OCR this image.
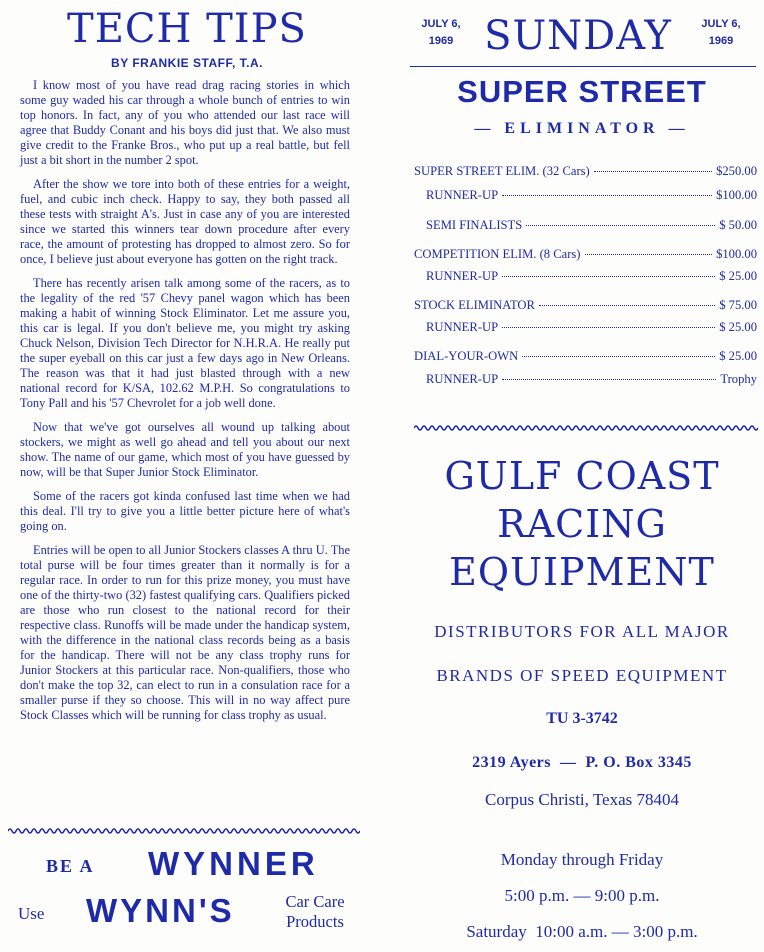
TECH TIPS
BY FRANKIE STAFF, T.A.

I know most of you have read drag racing stories in which some guy waded his car through a whole bunch of entries to win top honors. In fact, any of you who attended our last race will agree that Buddy Conant and his boys did just that. We also must give credit to the Franke Bros., who put up a real battle, but fell just a bit short in the number 2 spot.

After the show we tore into both of these entries for a weight, fuel, and cubic inch check. Happy to say, they both passed all these tests with straight A's. Just in case any of you are interested since we started this winners tear down procedure after every race, the amount of protesting has dropped to almost zero. So for once, I believe just about everyone has gotten on the right track.

There has recently arisen talk among some of the racers, as to the legality of the red '57 Chevy panel wagon which has been making a habit of winning Stock Eliminator. Let me assure you, this car is legal. If you don't believe me, you might try asking Chuck Nelson, Division Tech Director for N.H.R.A. He really put the super eyeball on this car just a few days ago in New Orleans. The reason was that it had just blasted through with a new national record for K/SA, 102.62 M.P.H. So congratulations to Tony Pall and his '57 Chevrolet for a job well done.

Now that we've got ourselves all wound up talking about stockers, we might as well go ahead and tell you about our next show. The name of our game, which most of you have guessed by now, will be that Super Junior Stock Eliminator.

Some of the racers got kinda confused last time when we had this deal. I'll try to give you a little better picture here of what's going on.

Entries will be open to all Junior Stockers classes A thru U. The total purse will be four times greater than it normally is for a regular race. In order to run for this prize money, you must have one of the thirty-two (32) fastest qualifying cars. Qualifiers picked are those who run closest to the national record for their respective class. Runoffs will be made under the handicap system, with the difference in the national class records being as a basis for the handicap. There will not be any class trophy runs for Junior Stockers at this particular race. Non-qualifiers, those who don't make the top 32, can elect to run in a consulation race for a smaller purse if they so choose. This will in no way affect pure Stock Classes which will be running for class trophy as usual.

BE A WYNNER
Use WYNN'S	Car Care
Products
JULY 6,
1969 SUNDAY	JULY 6,
1969
SUPER STREET
— ELIMINATOR —
SUPER STREET ELIM. (32 Cars)	$250.00
RUNNER-UP	$100.00
SEMI FINALISTS	$ 50.00
COMPETITION ELIM. (8 Cars)	$100.00
RUNNER-UP	$ 25.00
STOCK ELIMINATOR	$ 75.00
RUNNER-UP	$ 25.00
DIAL-YOUR-OWN	$ 25.00
RUNNER-UP	Trophy
GULF COAST
RACING
EQUIPMENT
DISTRIBUTORS FOR ALL MAJOR
BRANDS OF SPEED EQUIPMENT
TU 3-3742
2319 Ayers  —  P. O. Box 3345
Corpus Christi, Texas 78404
Monday through Friday
5:00 p.m. — 9:00 p.m.
Saturday  10:00 a.m. — 3:00 p.m.
